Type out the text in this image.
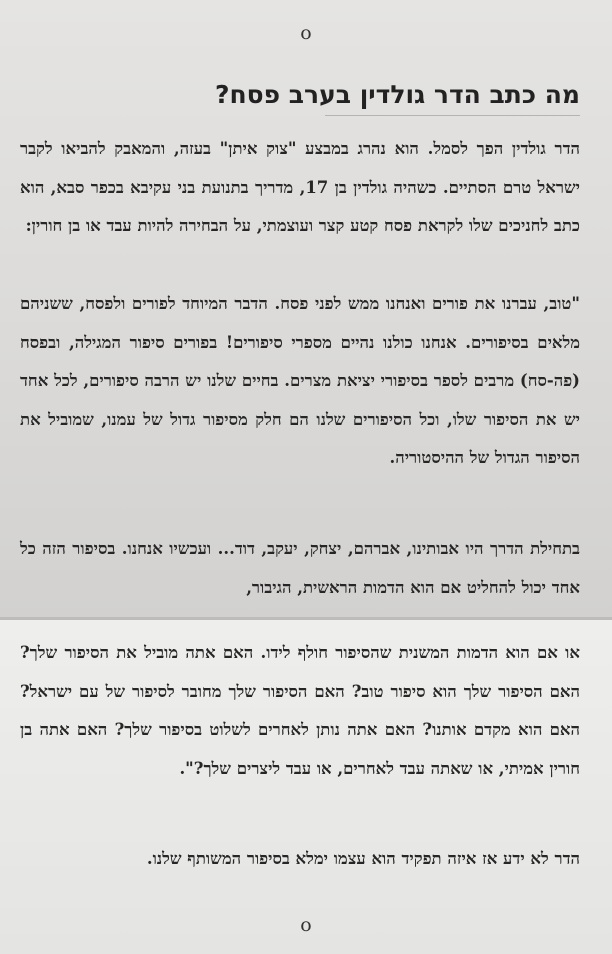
o
מה כתב הדר גולדין בערב פסח?

הדר גולדין הפך לסמל. הוא נהרג במבצע "צוק איתן" בעזה, והמאבק להביאו לקבר ישראל טרם הסתיים. כשהיה גולדין בן 17, מדריך בתנועת בני עקיבא בכפר סבא, הוא כתב לחניכים שלו לקראת פסח קטע קצר ועוצמתי, על הבחירה להיות עבד או בן חורין:

"טוב, עברנו את פורים ואנחנו ממש לפני פסח. הדבר המיוחד לפורים ולפסח, ששניהם מלאים בסיפורים. אנחנו כולנו נהיים מספרי סיפורים! בפורים סיפור המגילה, ובפסח (פה-סח) מרבים לספר בסיפורי יציאת מצרים. בחיים שלנו יש הרבה סיפורים, לכל אחד יש את הסיפור שלו, וכל הסיפורים שלנו הם חלק מסיפור גדול של עמנו, שמוביל את הסיפור הגדול של ההיסטוריה.

בתחילת הדרך היו אבותינו, אברהם, יצחק, יעקב, דוד... ועכשיו אנחנו. בסיפור הזה כל אחד יכול להחליט אם הוא הדמות הראשית, הגיבור,

או אם הוא הדמות המשנית שהסיפור חולף לידו. האם אתה מוביל את הסיפור שלך? האם הסיפור שלך הוא סיפור טוב? האם הסיפור שלך מחובר לסיפור של עם ישראל? האם הוא מקדם אותנו? האם אתה נותן לאחרים לשלוט בסיפור שלך? האם אתה בן חורין אמיתי, או שאתה עבד לאחרים, או עבד ליצרים שלך?".

הדר לא ידע אז איזה תפקיד הוא עצמו ימלא בסיפור המשותף שלנו.

o
